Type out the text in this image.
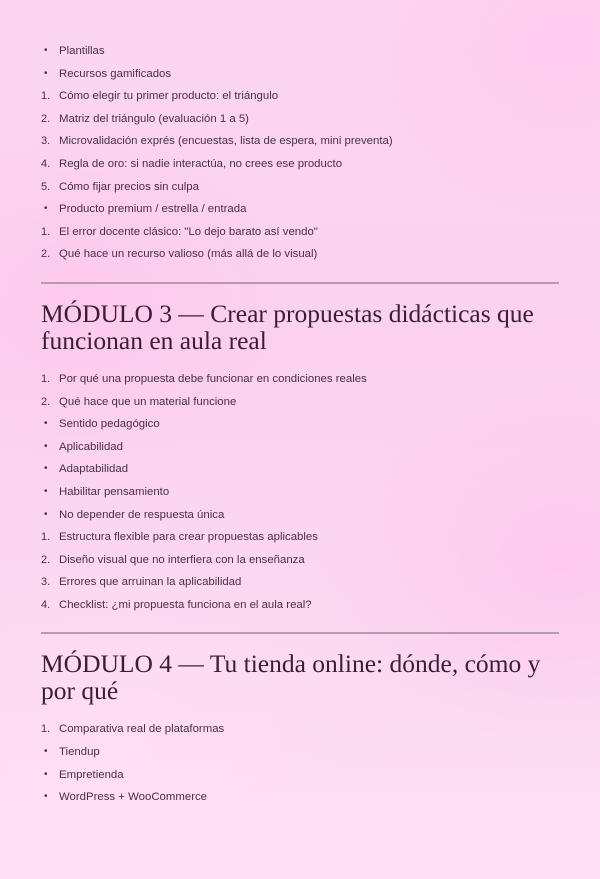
•	Plantillas
•	Recursos gamificados
1. Cómo elegir tu primer producto: el triángulo
2. Matriz del triángulo (evaluación 1 a 5)
3. Microvalidación exprés (encuestas, lista de espera, mini preventa)
4. Regla de oro: si nadie interactúa, no crees ese producto
5. Cómo fijar precios sin culpa
•	Producto premium / estrella / entrada
1. El error docente clásico: "Lo dejo barato así vendo"
2. Qué hace un recurso valioso (más allá de lo visual)
MÓDULO 3 — Crear propuestas didácticas que funcionan en aula real
1. Por qué una propuesta debe funcionar en condiciones reales
2. Qué hace que un material funcione
•	Sentido pedagógico
•	Aplicabilidad
•	Adaptabilidad
•	Habilitar pensamiento
•	No depender de respuesta única
1. Estructura flexible para crear propuestas aplicables
2. Diseño visual que no interfiera con la enseñanza
3. Errores que arruinan la aplicabilidad
4. Checklist: ¿mi propuesta funciona en el aula real?
MÓDULO 4 — Tu tienda online: dónde, cómo y por qué
1. Comparativa real de plataformas
•	Tiendup
•	Empretienda
•	WordPress + WooCommerce
